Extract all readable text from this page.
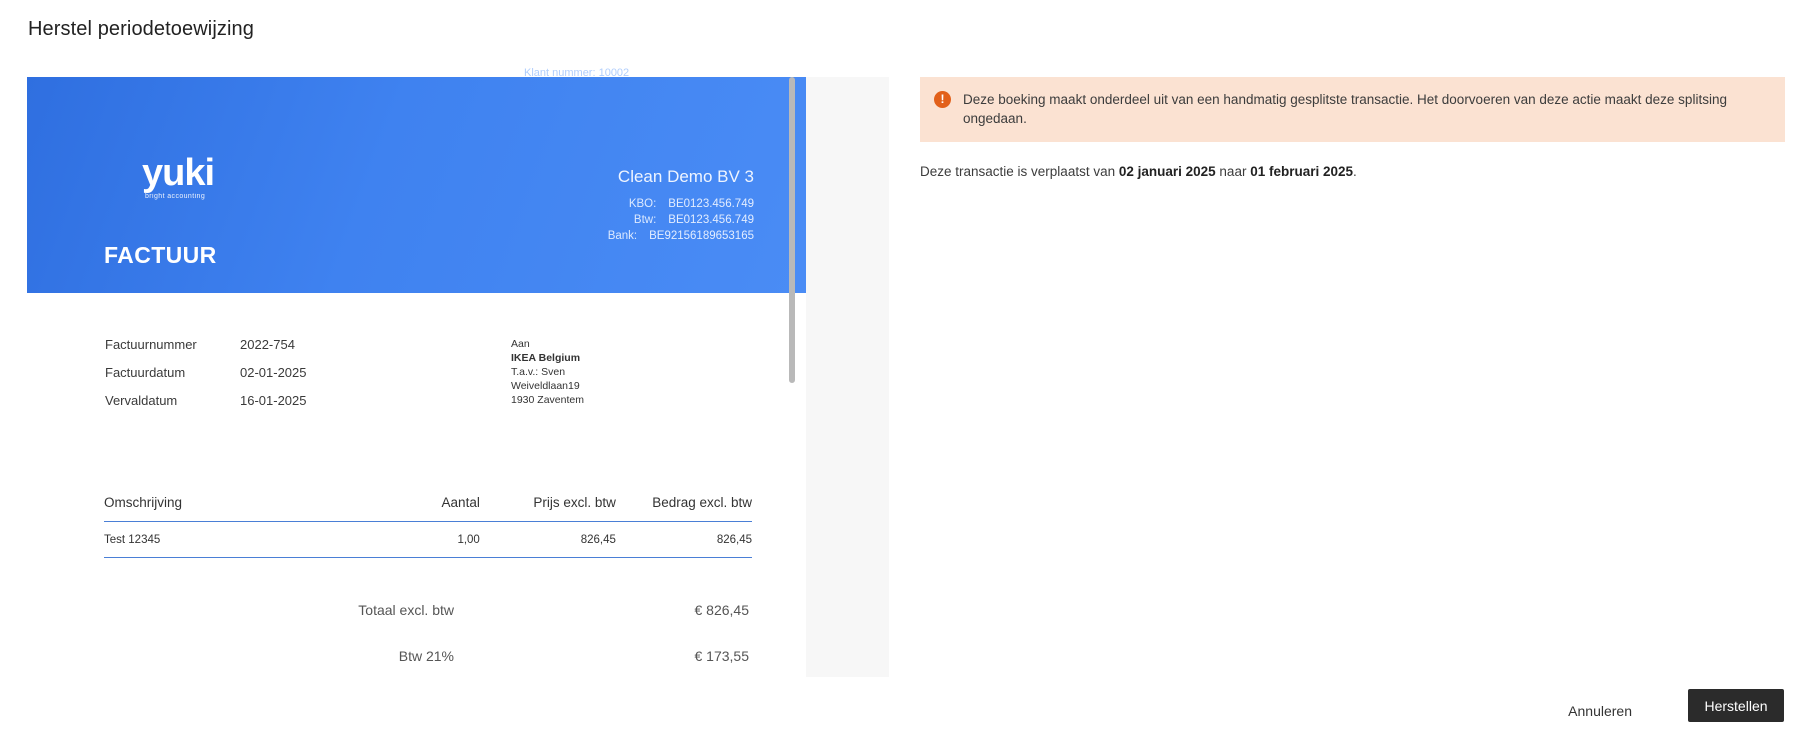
Herstel periodetoewijzing
Klant nummer: 10002
yuki
bright accounting
FACTUUR
Clean Demo BV 3
KBO: BE0123.456.749
Btw: BE0123.456.749
Bank: BE92156189653165
Factuurnummer	2022-754
Factuurdatum	02-01-2025
Vervaldatum	16-01-2025
Aan
IKEA Belgium
T.a.v.: Sven
Weiveldlaan19
1930 Zaventem
Omschrijving	Aantal	Prijs excl. btw	Bedrag excl. btw
Test 12345	1,00	826,45	826,45
Totaal excl. btw	€ 826,45
Btw 21%	€ 173,55
!	Deze boeking maakt onderdeel uit van een handmatig gesplitste transactie. Het doorvoeren van deze actie maakt deze splitsing ongedaan.
Deze transactie is verplaatst van 02 januari 2025 naar 01 februari 2025.
Annuleren	Herstellen
